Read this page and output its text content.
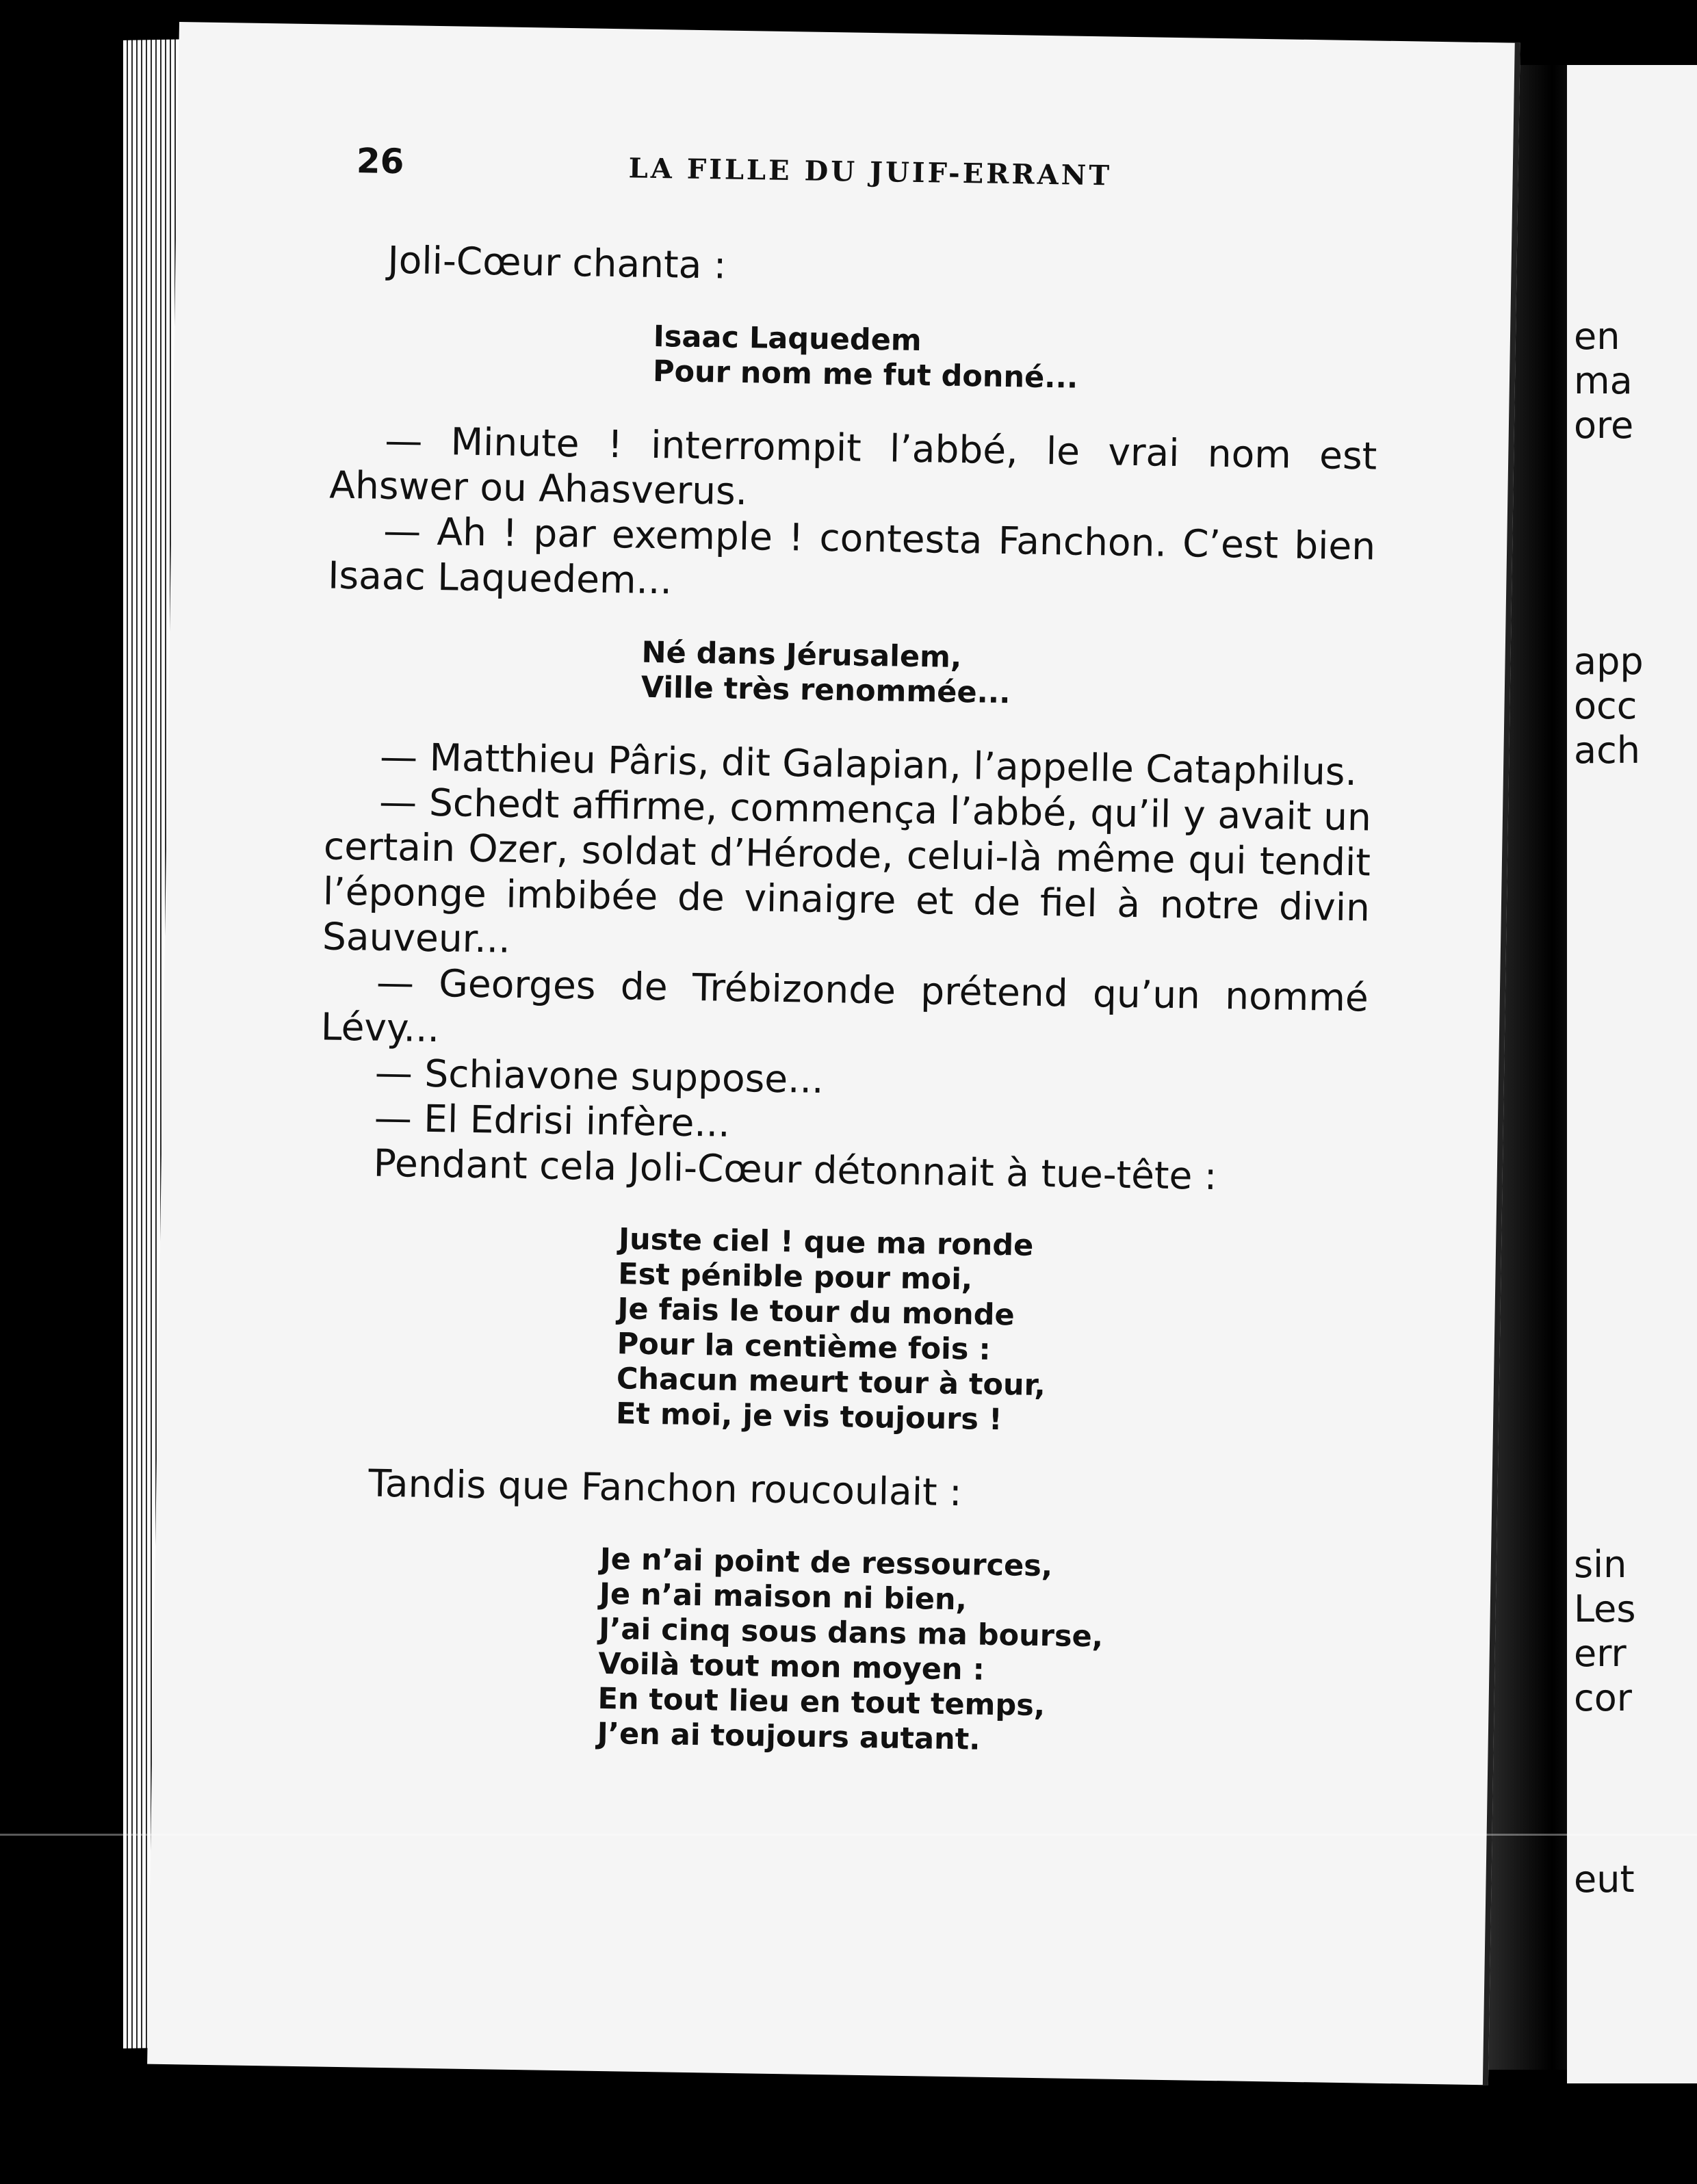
en
ma
ore
app
occ
ach
sin
Les
err
cor
eut
26	LA FILLE DU JUIF-ERRANT

Joli-Cœur chanta :

Isaac Laquedem
Pour nom me fut donné...

— Minute ! interrompit l’abbé, le vrai nom est Ahswer ou Ahasverus.

— Ah ! par exemple ! contesta Fanchon. C’est bien Isaac Laquedem...

Né dans Jérusalem,
Ville très renommée...

— Matthieu Pâris, dit Galapian, l’appelle Cataphilus.

— Schedt affirme, commença l’abbé, qu’il y avait un certain Ozer, soldat d’Hérode, celui-là même qui tendit l’éponge imbibée de vinaigre et de fiel à notre divin Sauveur...

— Georges de Trébizonde prétend qu’un nommé Lévy...

— Schiavone suppose...

— El Edrisi infère...

Pendant cela Joli-Cœur détonnait à tue-tête :

Juste ciel ! que ma ronde
Est pénible pour moi,
Je fais le tour du monde
Pour la centième fois :
Chacun meurt tour à tour,
Et moi, je vis toujours !

Tandis que Fanchon roucoulait :

Je n’ai point de ressources,
Je n’ai maison ni bien,
J’ai cinq sous dans ma bourse,
Voilà tout mon moyen :
En tout lieu en tout temps,
J’en ai toujours autant.
